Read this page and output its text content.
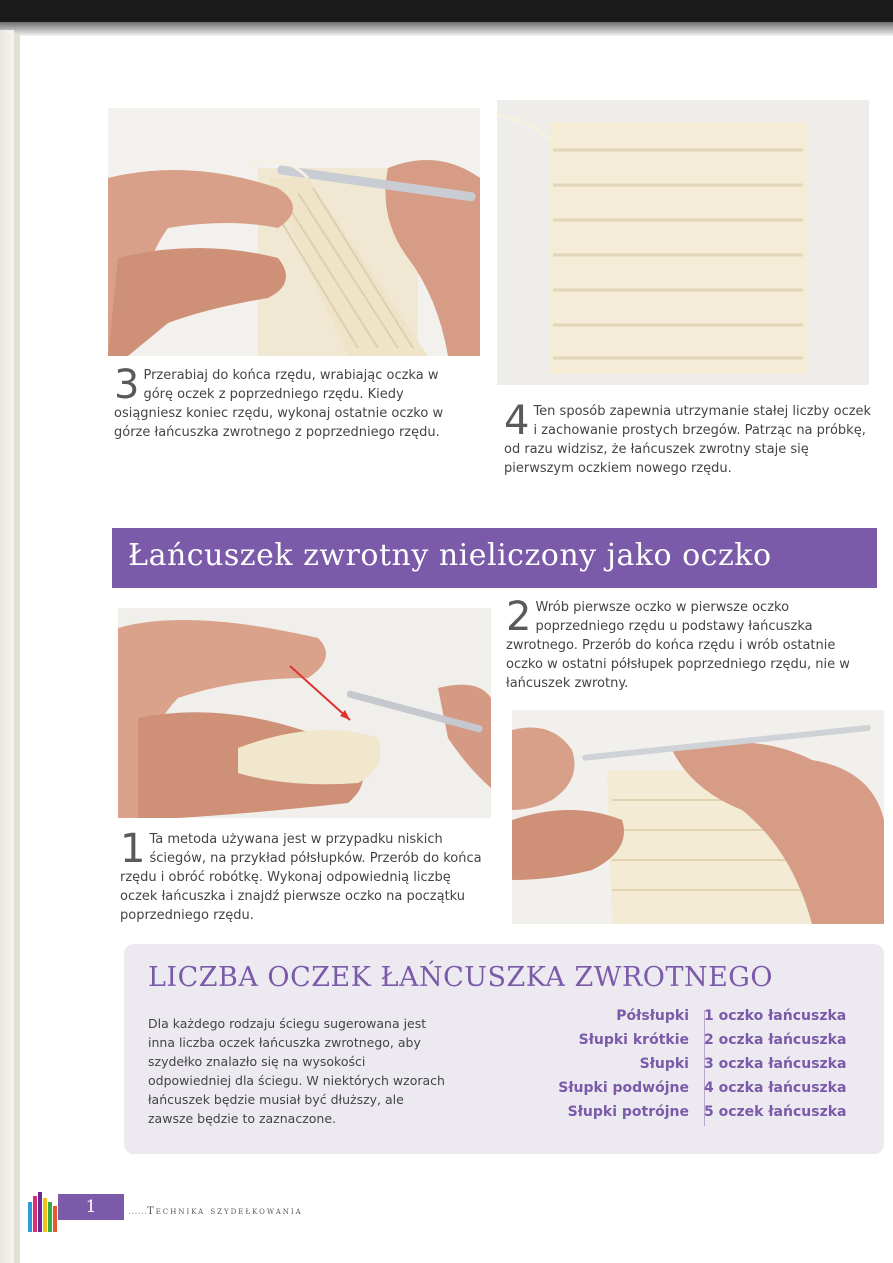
3 Przerabiaj do końca rzędu, wrabiając oczka w górę oczek z poprzedniego rzędu. Kiedy osiągniesz koniec rzędu, wykonaj ostatnie oczko w górze łańcuszka zwrotnego z poprzedniego rzędu.	4 Ten sposób zapewnia utrzymanie stałej liczby oczek i zachowanie prostych brzegów. Patrząc na próbkę, od razu widzisz, że łańcuszek zwrotny staje się pierwszym oczkiem nowego rzędu.
Łańcuszek zwrotny nieliczony jako oczko
2 Wrób pierwsze oczko w pierwsze oczko poprzedniego rzędu u podstawy łańcuszka zwrotnego. Przerób do końca rzędu i wrób ostatnie oczko w ostatni półsłupek poprzedniego rzędu, nie w łańcuszek zwrotny.
1 Ta metoda używana jest w przypadku niskich ściegów, na przykład półsłupków. Przerób do końca rzędu i obróć robótkę. Wykonaj odpowiednią liczbę oczek łańcuszka i znajdź pierwsze oczko na początku poprzedniego rzędu.
LICZBA OCZEK ŁAŃCUSZKA ZWROTNEGO
Dla każdego rodzaju ściegu sugerowana jest inna liczba oczek łańcuszka zwrotnego, aby szydełko znalazło się na wysokości odpowiedniej dla ściegu. W niektórych wzorach łańcuszek będzie musiał być dłuższy, ale zawsze będzie to zaznaczone.
Półsłupki 1 oczko łańcuszka
Słupki krótkie 2 oczka łańcuszka
Słupki 3 oczka łańcuszka
Słupki podwójne 4 oczka łańcuszka
Słupki potrójne 5 oczek łańcuszka
1	......Technika szydełkowania
